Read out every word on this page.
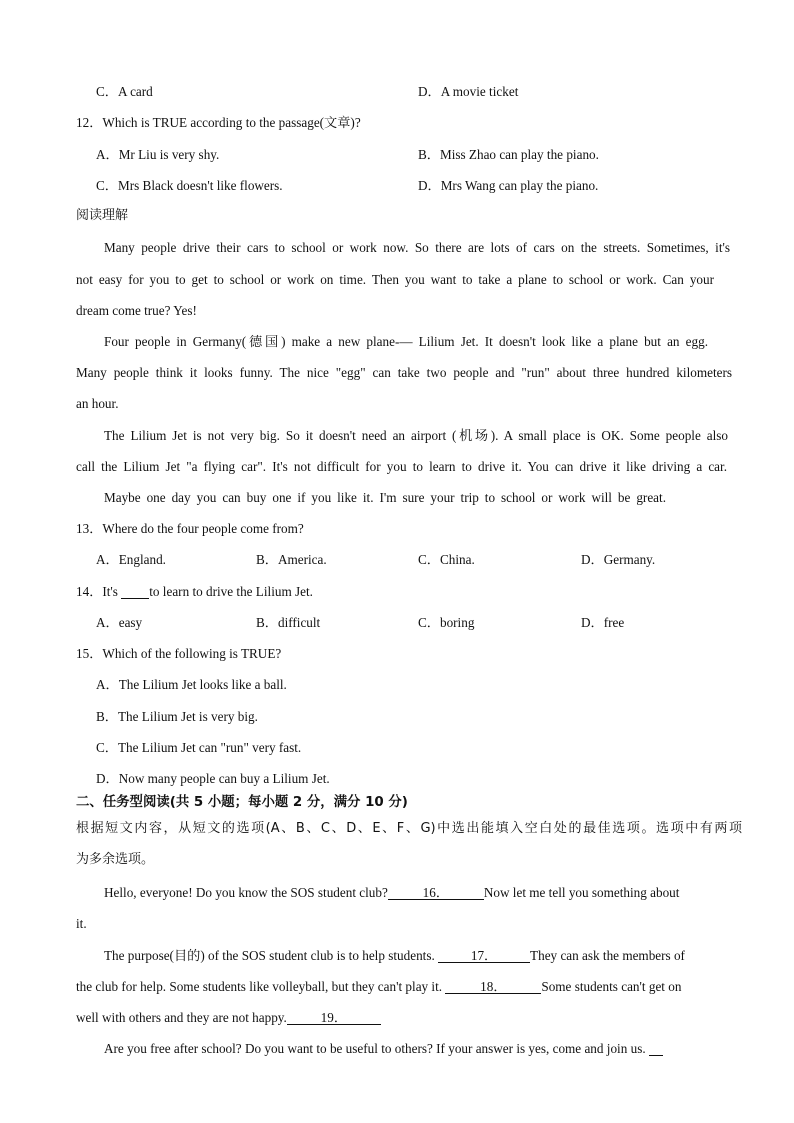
C．A card	D．A movie ticket
12．Which is TRUE according to the passage(文章)?
A．Mr Liu is very shy.	B．Miss Zhao can play the piano.
C．Mrs Black doesn't like flowers.	D．Mrs Wang can play the piano.
阅读理解
Many people drive their cars to school or work now. So there are lots of cars on the streets. Sometimes, it's
not easy for you to get to school or work on time. Then you want to take a plane to school or work. Can your
dream come true? Yes!
Four people in Germany(德国) make a new plane-— Lilium Jet. It doesn't look like a plane but an egg.
Many people think it looks funny. The nice "egg" can take two people and "run" about three hundred kilometers
an hour.
The Lilium Jet is not very big. So it doesn't need an airport (机场). A small place is OK. Some people also
call the Lilium Jet "a flying car". It's not difficult for you to learn to drive it. You can drive it like driving a car.
Maybe one day you can buy one if you like it. I'm sure your trip to school or work will be great.
13．Where do the four people come from?
A．England.	B．America.	C．China.	D．Germany.
14．It's  to learn to drive the Lilium Jet.
A．easy	B．difficult	C．boring	D．free
15．Which of the following is TRUE?
A．The Lilium Jet looks like a ball.
B．The Lilium Jet is very big.
C．The Lilium Jet can "run" very fast.
D．Now many people can buy a Lilium Jet.
二、任务型阅读(共 5 小题；每小题 2 分，满分 10 分)
根据短文内容，从短文的选项(A、B、C、D、E、F、G)中选出能填入空白处的最佳选项。选项中有两项
为多余选项。
Hello, everyone! Do you know the SOS student club?	16．	Now let me tell you something about
it.
The purpose(目的) of the SOS student club is to help students. 17． They can ask the members of
the club for help. Some students like volleyball, but they can't play it.	18．	Some students can't get on
well with others and they are not happy.	19．
Are you free after school? Do you want to be useful to others? If your answer is yes, come and join us.
